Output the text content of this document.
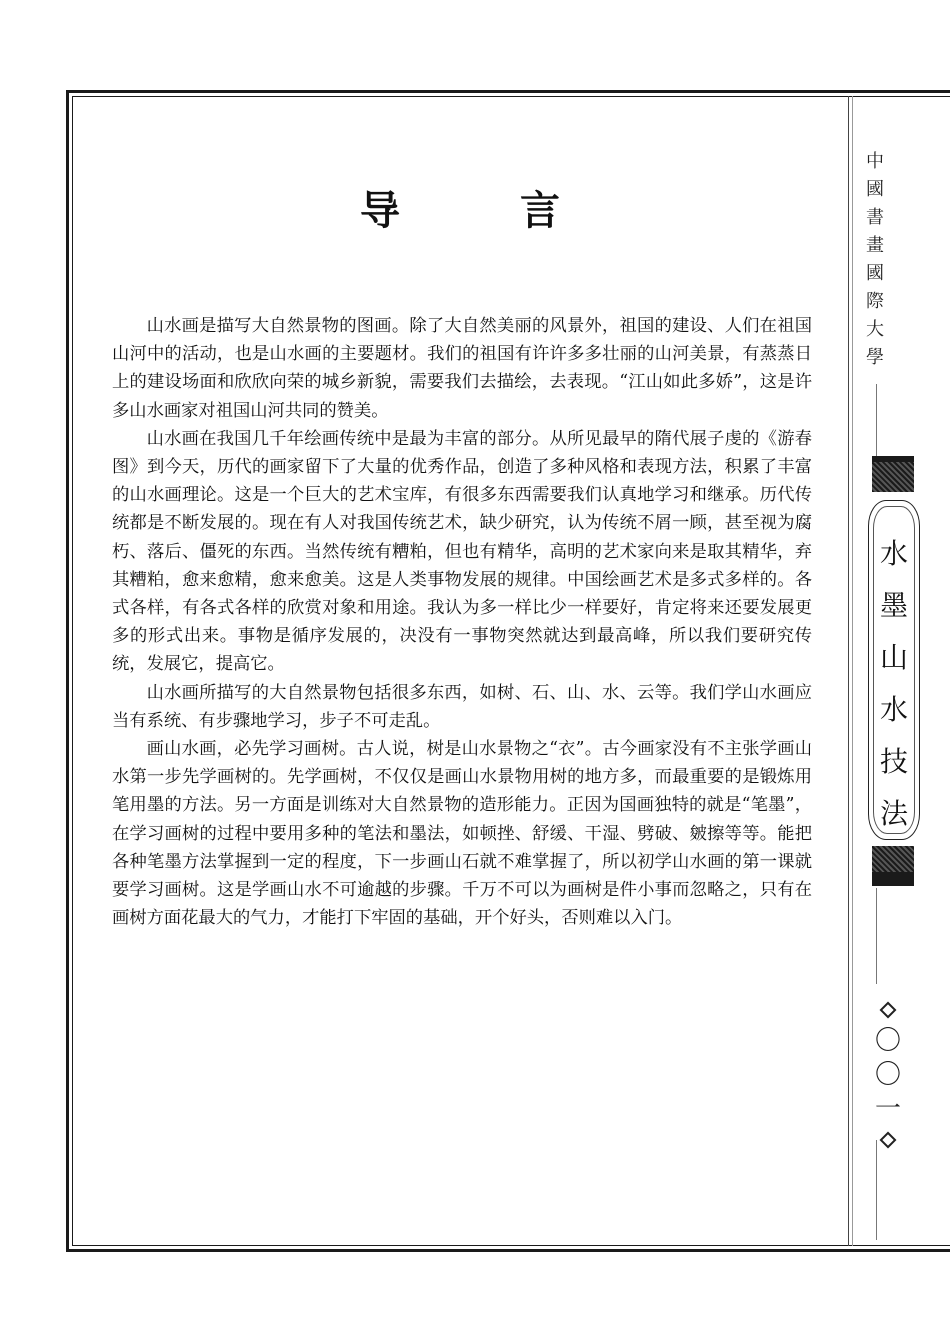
导	言

山水画是描写大自然景物的图画。除了大自然美丽的风景外，祖国的建设、人们在祖国山河中的活动，也是山水画的主要题材。我们的祖国有许许多多壮丽的山河美景，有蒸蒸日上的建设场面和欣欣向荣的城乡新貌，需要我们去描绘，去表现。“江山如此多娇”，这是许多山水画家对祖国山河共同的赞美。

山水画在我国几千年绘画传统中是最为丰富的部分。从所见最早的隋代展子虔的《游春图》到今天，历代的画家留下了大量的优秀作品，创造了多种风格和表现方法，积累了丰富的山水画理论。这是一个巨大的艺术宝库，有很多东西需要我们认真地学习和继承。历代传统都是不断发展的。现在有人对我国传统艺术，缺少研究，认为传统不屑一顾，甚至视为腐朽、落后、僵死的东西。当然传统有糟粕，但也有精华，高明的艺术家向来是取其精华，弃其糟粕，愈来愈精，愈来愈美。这是人类事物发展的规律。中国绘画艺术是多式多样的。各式各样，有各式各样的欣赏对象和用途。我认为多一样比少一样要好，肯定将来还要发展更多的形式出来。事物是循序发展的，决没有一事物突然就达到最高峰，所以我们要研究传统，发展它，提高它。

山水画所描写的大自然景物包括很多东西，如树、石、山、水、云等。我们学山水画应当有系统、有步骤地学习，步子不可走乱。

画山水画，必先学习画树。古人说，树是山水景物之“衣”。古今画家没有不主张学画山水第一步先学画树的。先学画树，不仅仅是画山水景物用树的地方多，而最重要的是锻炼用笔用墨的方法。另一方面是训练对大自然景物的造形能力。正因为国画独特的就是“笔墨”，在学习画树的过程中要用多种的笔法和墨法，如顿挫、舒缓、干湿、劈破、皴擦等等。能把各种笔墨方法掌握到一定的程度，下一步画山石就不难掌握了，所以初学山水画的第一课就要学习画树。这是学画山水不可逾越的步骤。千万不可以为画树是件小事而忽略之，只有在画树方面花最大的气力，才能打下牢固的基础，开个好头，否则难以入门。

中
國
書
畫
國
際
大
學
水
墨
山
水
技
法
〇
〇
一
